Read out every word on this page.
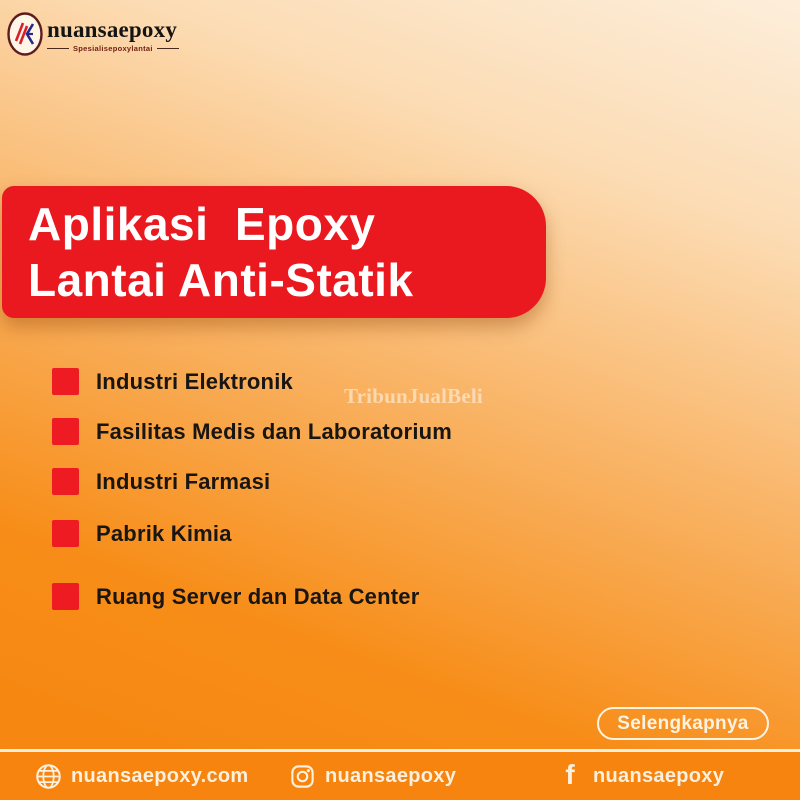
nuansaepoxy
Spesialisepoxylantai
Aplikasi  Epoxy
Lantai Anti-Statik
TribunJualBeli
Industri Elektronik
Fasilitas Medis dan Laboratorium
Industri Farmasi
Pabrik Kimia
Ruang Server dan Data Center
Selengkapnya
nuansaepoxy.com	nuansaepoxy	f nuansaepoxy
